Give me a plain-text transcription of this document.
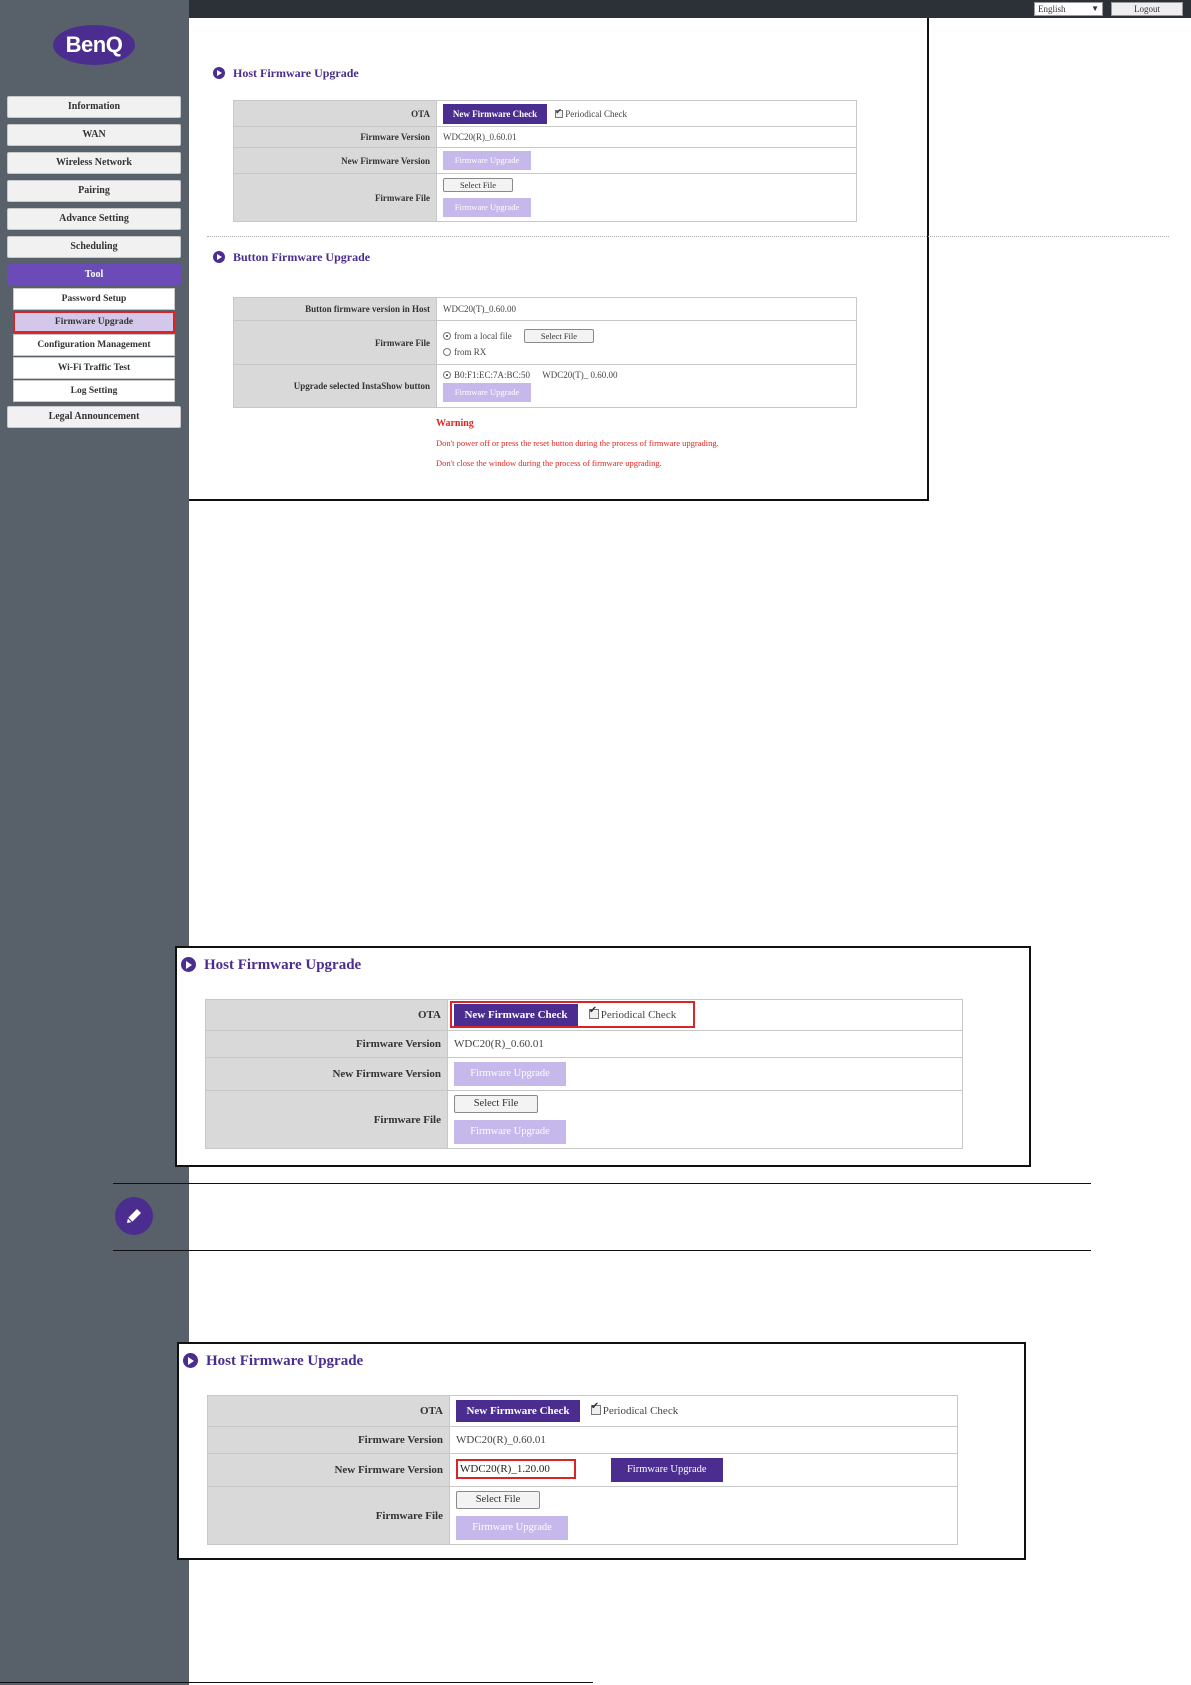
BenQ
Information
WAN
Wireless Network
Pairing
Advance Setting
Scheduling
Tool
Password Setup
Firmware Upgrade
Configuration Management
Wi-Fi Traffic Test
Log Setting
Legal Announcement
English	▼	Logout
Host Firmware Upgrade
OTA	New Firmware Check ✔ Periodical Check
Firmware Version	WDC20(R)_0.60.01
New Firmware Version	Firmware Upgrade
Firmware File	Select File
Firmware Upgrade
Button Firmware Upgrade
Button firmware version in Host	WDC20(T)_0.60.00
Firmware File	from a local file Select File
from RX
Upgrade selected InstaShow button	B0:F1:EC:7A:BC:50 WDC20(T)_ 0.60.00
Firmware Upgrade
Warning
Don't power off or press the reset button during the process of firmware upgrading.
Don't close the window during the process of firmware upgrading.
Host Firmware Upgrade
OTA	New Firmware Check ✔ Periodical Check
Firmware Version	WDC20(R)_0.60.01
New Firmware Version	Firmware Upgrade
Firmware File	Select File
Firmware Upgrade
Host Firmware Upgrade
OTA	New Firmware Check ✔ Periodical Check
Firmware Version	WDC20(R)_0.60.01
New Firmware Version	WDC20(R)_1.20.00 Firmware Upgrade
Firmware File	Select File
Firmware Upgrade
